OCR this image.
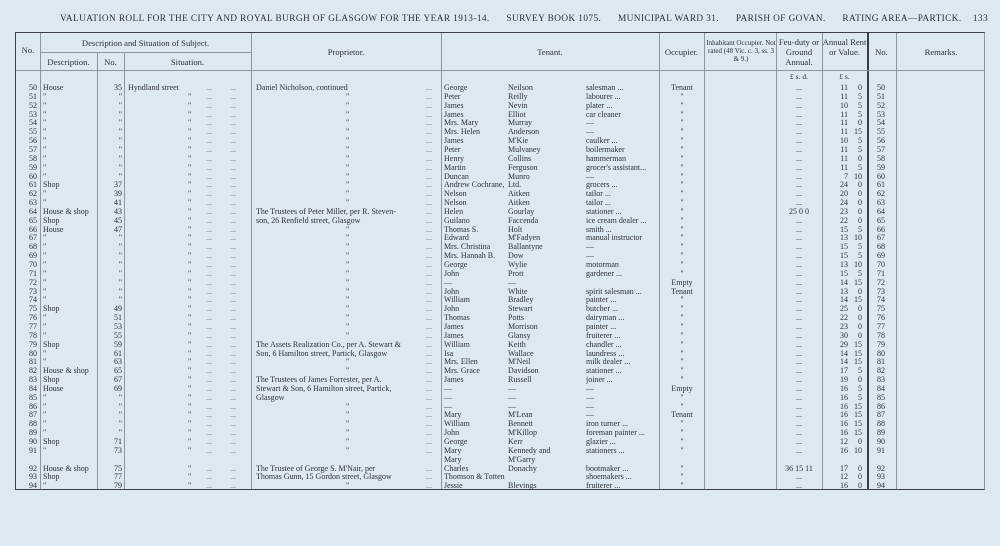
VALUATION ROLL FOR THE CITY AND ROYAL BURGH OF GLASGOW FOR THE YEAR 1913-14. SURVEY BOOK 1075. MUNICIPAL WARD 31. PARISH OF GOVAN. RATING AREA—PARTICK. 133
No.
Description and Situation of Subject.
Description.	No.	Situation.
Proprietor.	Tenant.	Occupier.
Inhabitant Occupier. Not rated (48 Vic. c. 3, ss. 3 & 9.)
Feu-duty or Ground Annual.
Annual Rent or Value.	No.	Remarks.
£ s. d.	£ s.
50 House	35 Hyndland street	Daniel Nicholson, continued	George	Neilson	salesman ...	Tenant	...	11	0	50
... ...	...
51 "	"	"	"	Peter	Reilly	labourer ...	"	...	11	5	51
... ...	...
52 "	"	"	"	James	Nevin	plater ...	"	...	10	5	52
... ...	...
53 "	"	"	"	James	Elliot	car cleaner	"	...	11	5	53
... ...	...
54 "	"	"	"	Mrs. Mary	Murray	—	"	...	11	0	54
... ...	...
55 "	"	"	"	Mrs. Helen	Anderson	—	"	...	11 15	55
... ...	...
56 "	"	"	"	James	M'Kie	caulker ...	"	...	10	5	56
... ...	...
57 "	"	"	"	Peter	Mulvaney	boilermaker	"	...	11	5	57
... ...	...
58 "	"	"	"	Henry	Collins	hammerman	"	...	11	0	58
... ...	...
59 "	"	"	"	Martin	Ferguson	grocer's assistant...	"	...	11	5	59
... ...	...
60 "	"	"	"	Duncan	Munro	—	"	...	7 10	60
... ...	...
61 Shop	37	"	"	Andrew Cochrane, Ltd.	grocers ...	"	...	24	0	61
... ...	...
62 "	39	"	"	Nelson	Aitken	tailor ...	"	...	20	0	62
... ...	...
63 "	41	"	"	Nelson	Aitken	tailor ...	"	...	24	0	63
... ...	...
64 House & shop	43	"	The Trustees of Peter Miller, per R. Steven-	Helen	Gourlay	stationer ...	"	25 0 0	23	0	64
... ...	...
65 Shop	45	"	son, 26 Renfield street, Glasgow	Guilano	Faccenda	ice cream dealer ...	"	...	22	0	65
... ...	...
66 House	47	"	"	Thomas S.	Holt	smith ...	"	...	15	5	66
... ...	...
67 "	"	"	"	Edward	M'Fadyen	manual instructor	"	...	13 10	67
... ...	...
68 "	"	"	"	Mrs. Christina	Ballantyne	—	"	...	15	5	68
... ...	...
69 "	"	"	"	Mrs. Hannah B.	Dow	—	"	...	15	5	69
... ...	...
70 "	"	"	"	George	Wylie	motorman	"	...	13 10	70
... ...	...
71 "	"	"	"	John	Prott	gardener ...	"	...	15	5	71
... ...	...
72 "	"	"	"	—	—	Empty	...	14 15	72
... ...	...
73 "	"	"	"	John	White	spirit salesman ...	Tenant	...	13	0	73
... ...	...
74 "	"	"	"	William	Bradley	painter ...	"	...	14 15	74
... ...	...
75 Shop	49	"	"	John	Stewart	butcher ...	"	...	25	0	75
... ...	...
76 "	51	"	"	Thomas	Potts	dairyman ...	"	...	22	0	76
... ...	...
77 "	53	"	"	James	Morrison	painter ...	"	...	23	0	77
... ...	...
78 "	55	"	"	James	Glansy	fruiterer ...	"	...	30	0	78
... ...	...
79 Shop	59	"	The Assets Realization Co., per A. Stewart &	William	Keith	chandler ...	"	...	29 15	79
... ...	...
80 "	61	"	Son, 6 Hamilton street, Partick, Glasgow	Isa	Wallace	laundress ...	"	...	14 15	80
... ...	...
81 "	63	"	"	Mrs. Ellen	M'Neil	milk dealer ...	"	...	14 15	81
... ...	...
82 House & shop	65	"	"	Mrs. Grace	Davidson	stationer ...	"	...	17	5	82
... ...	...
83 Shop	67	"	The Trustees of James Forrester, per A.	James	Russell	joiner ...	"	...	19	0	83
... ...	...
84 House	69	"	Stewart & Son, 6 Hamilton street, Partick,	—	—	—	Empty	...	16	5	84
... ...	...
85 "	"	"	Glasgow	—	—	—	"	...	16	5	85
... ...	...
86 "	"	"	"	—	—	—	"	...	16 15	86
... ...	...
87 "	"	"	"	Mary	M'Lean	—	Tenant	...	16 15	87
... ...	...
88 "	"	"	"	William	Bennett	iron turner ...	"	...	16 15	88
... ...	...
89 "	"	"	"	John	M'Killop	foreman painter ...	"	...	16 15	89
... ...	...
90 Shop	71	"	"	George	Kerr	glazier ...	"	...	12	0	90
... ...	...
91 "	73	"	"	Mary	Kennedy and	stationers ...	"	...	16 10	91
... ...	...
Mary	M'Garry
92 House & shop	75	"	The Trustee of George S. M'Nair, per	Charles	Donachy	bootmaker ...	"	36 15 11	17	0	92
... ...	...
93 Shop	77	"	Thomas Gunn, 15 Gordon street, Glasgow	Thomson & Totten	shoemakers ...	"	...	12	0	93
... ...	...
94 "	79	"	"	Jessie	Blevings	fruiterer ...	"	...	16	0	94
... ...	...
